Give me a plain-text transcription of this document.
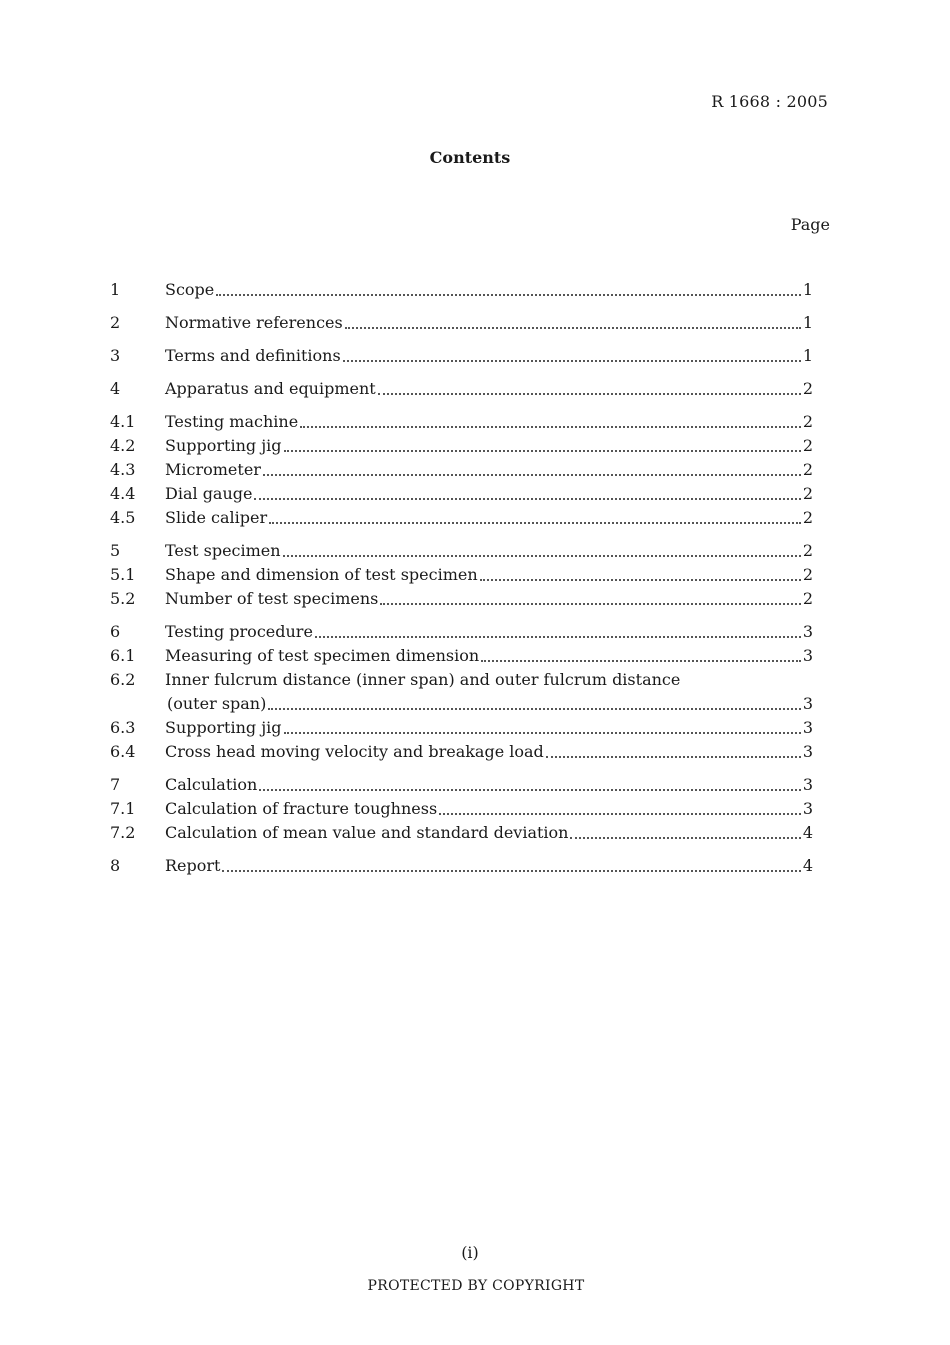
R 1668 : 2005
Contents
Page
1	Scope	1
2	Normative references	1
3	Terms and definitions	1
4	Apparatus and equipment	2
4.1	Testing machine	2
4.2	Supporting jig	2
4.3	Micrometer	2
4.4	Dial gauge	2
4.5	Slide caliper	2
5	Test specimen	2
5.1	Shape and dimension of test specimen	2
5.2	Number of test specimens	2
6	Testing procedure	3
6.1	Measuring of test specimen dimension	3
6.2	Inner fulcrum distance (inner span) and outer fulcrum distance
(outer span)	3
6.3	Supporting jig	3
6.4	Cross head moving velocity and breakage load	3
7	Calculation	3
7.1	Calculation of fracture toughness	3
7.2	Calculation of mean value and standard deviation	4
8	Report	4
(i)
PROTECTED BY COPYRIGHT
